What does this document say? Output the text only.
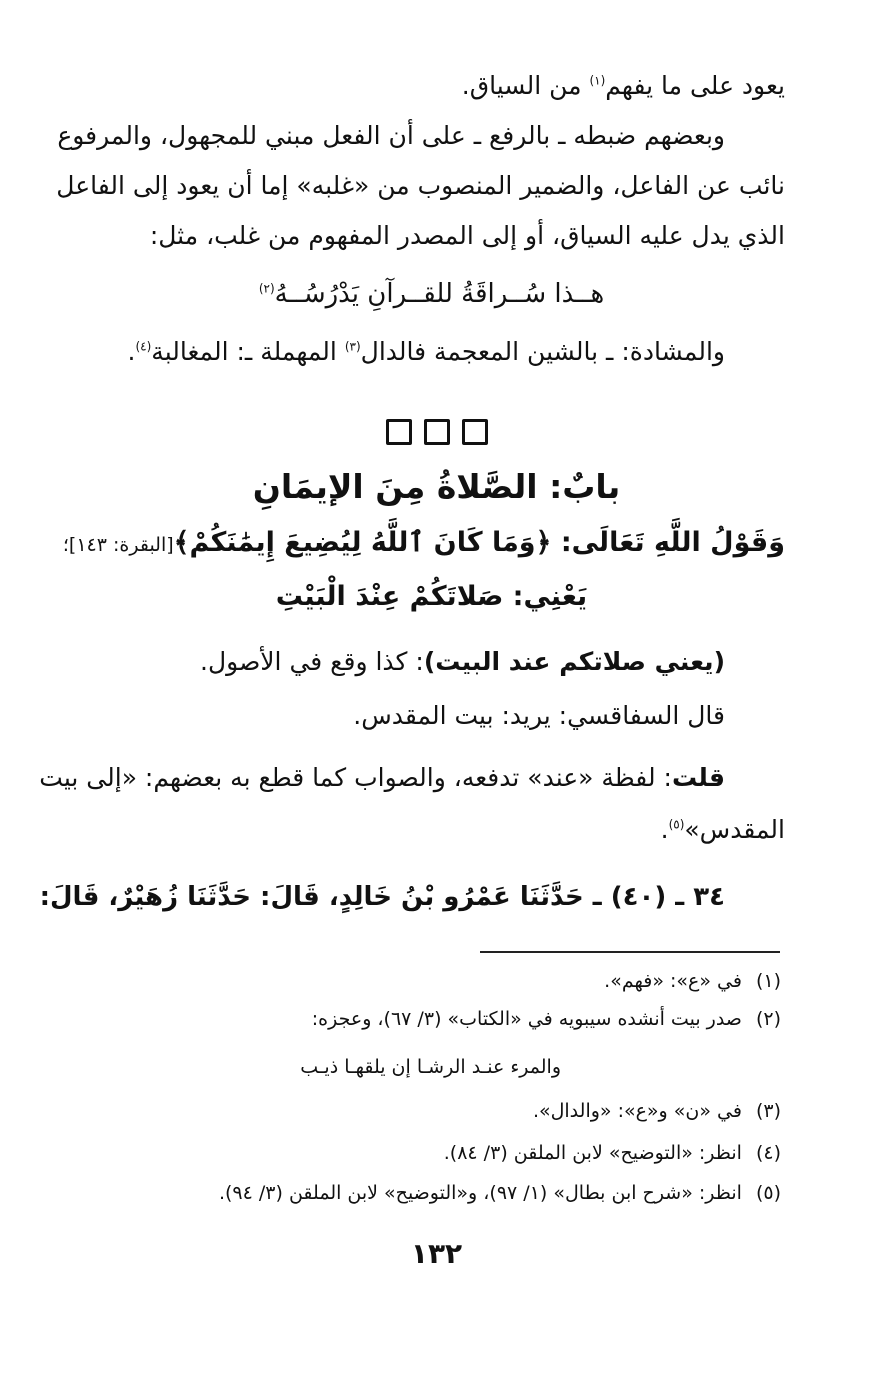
يعود على ما يفهم$^{(١)}$ من السياق.
وبعضهم ضبطه ـ بالرفع ـ على أن الفعل مبني للمجهول، والمرفوع
نائب عن الفاعل، والضمير المنصوب من «غلبه» إما أن يعود إلى الفاعل
الذي يدل عليه السياق، أو إلى المصدر المفهوم من غلب، مثل:
هــذا سُــراقَةُ للقــرآنِ يَدْرُسُــهُ$^{(٢)}$
والمشادة: ـ بالشين المعجمة فالدال$^{(٣)}$ المهملة ـ: المغالبة$^{(٤)}$.
بابٌ: الصَّلاةُ مِنَ الإيمَانِ
وَقَوْلُ اللَّهِ تَعَالَى: ﴿وَمَا كَانَ ٱللَّهُ لِيُضِيعَ إِيمَٰنَكُمْ﴾[البقرة: ١٤٣]؛
يَعْنِي: صَلاتَكُمْ عِنْدَ الْبَيْتِ
(يعني صلاتكم عند البيت): كذا وقع في الأصول.
قال السفاقسي: يريد: بيت المقدس.
قلت: لفظة «عند» تدفعه، والصواب كما قطع به بعضهم: «إلى بيت
المقدس»$^{(٥)}$.
٣٤ ـ (٤٠) ـ حَدَّثَنَا عَمْرُو بْنُ خَالِدٍ، قَالَ: حَدَّثَنَا زُهَيْرٌ، قَالَ:
(١)في «ع»: «فهم».
(٢)صدر بيت أنشده سيبويه في «الكتاب» (٣/ ٦٧)، وعجزه:
والمرء عنـد الرشـا إن يلقهـا ذيـب
(٣)في «ن» و«ع»: «والدال».
(٤)انظر: «التوضيح» لابن الملقن (٣/ ٨٤).
(٥)انظر: «شرح ابن بطال» (١/ ٩٧)، و«التوضيح» لابن الملقن (٣/ ٩٤).
١٣٢
